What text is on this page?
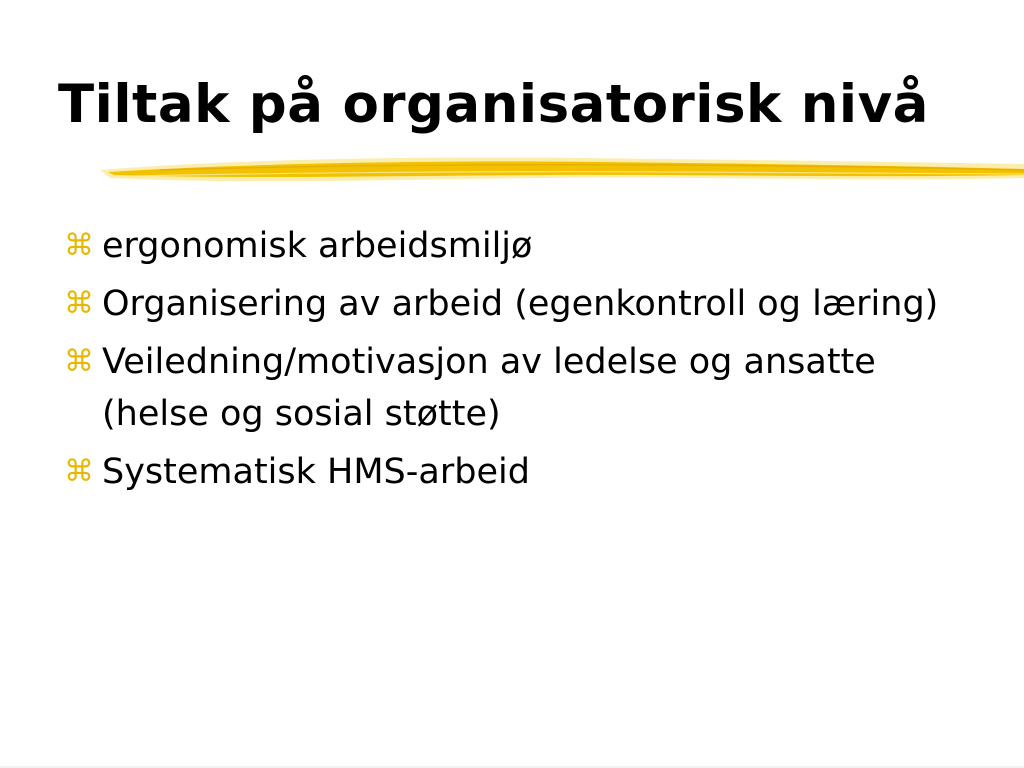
Tiltak på organisatorisk nivå
⌘ ergonomisk arbeidsmiljø
⌘ Organisering av arbeid (egenkontroll og læring)
⌘ Veiledning/motivasjon av ledelse og ansatte (helse og sosial støtte)
⌘ Systematisk HMS-arbeid
